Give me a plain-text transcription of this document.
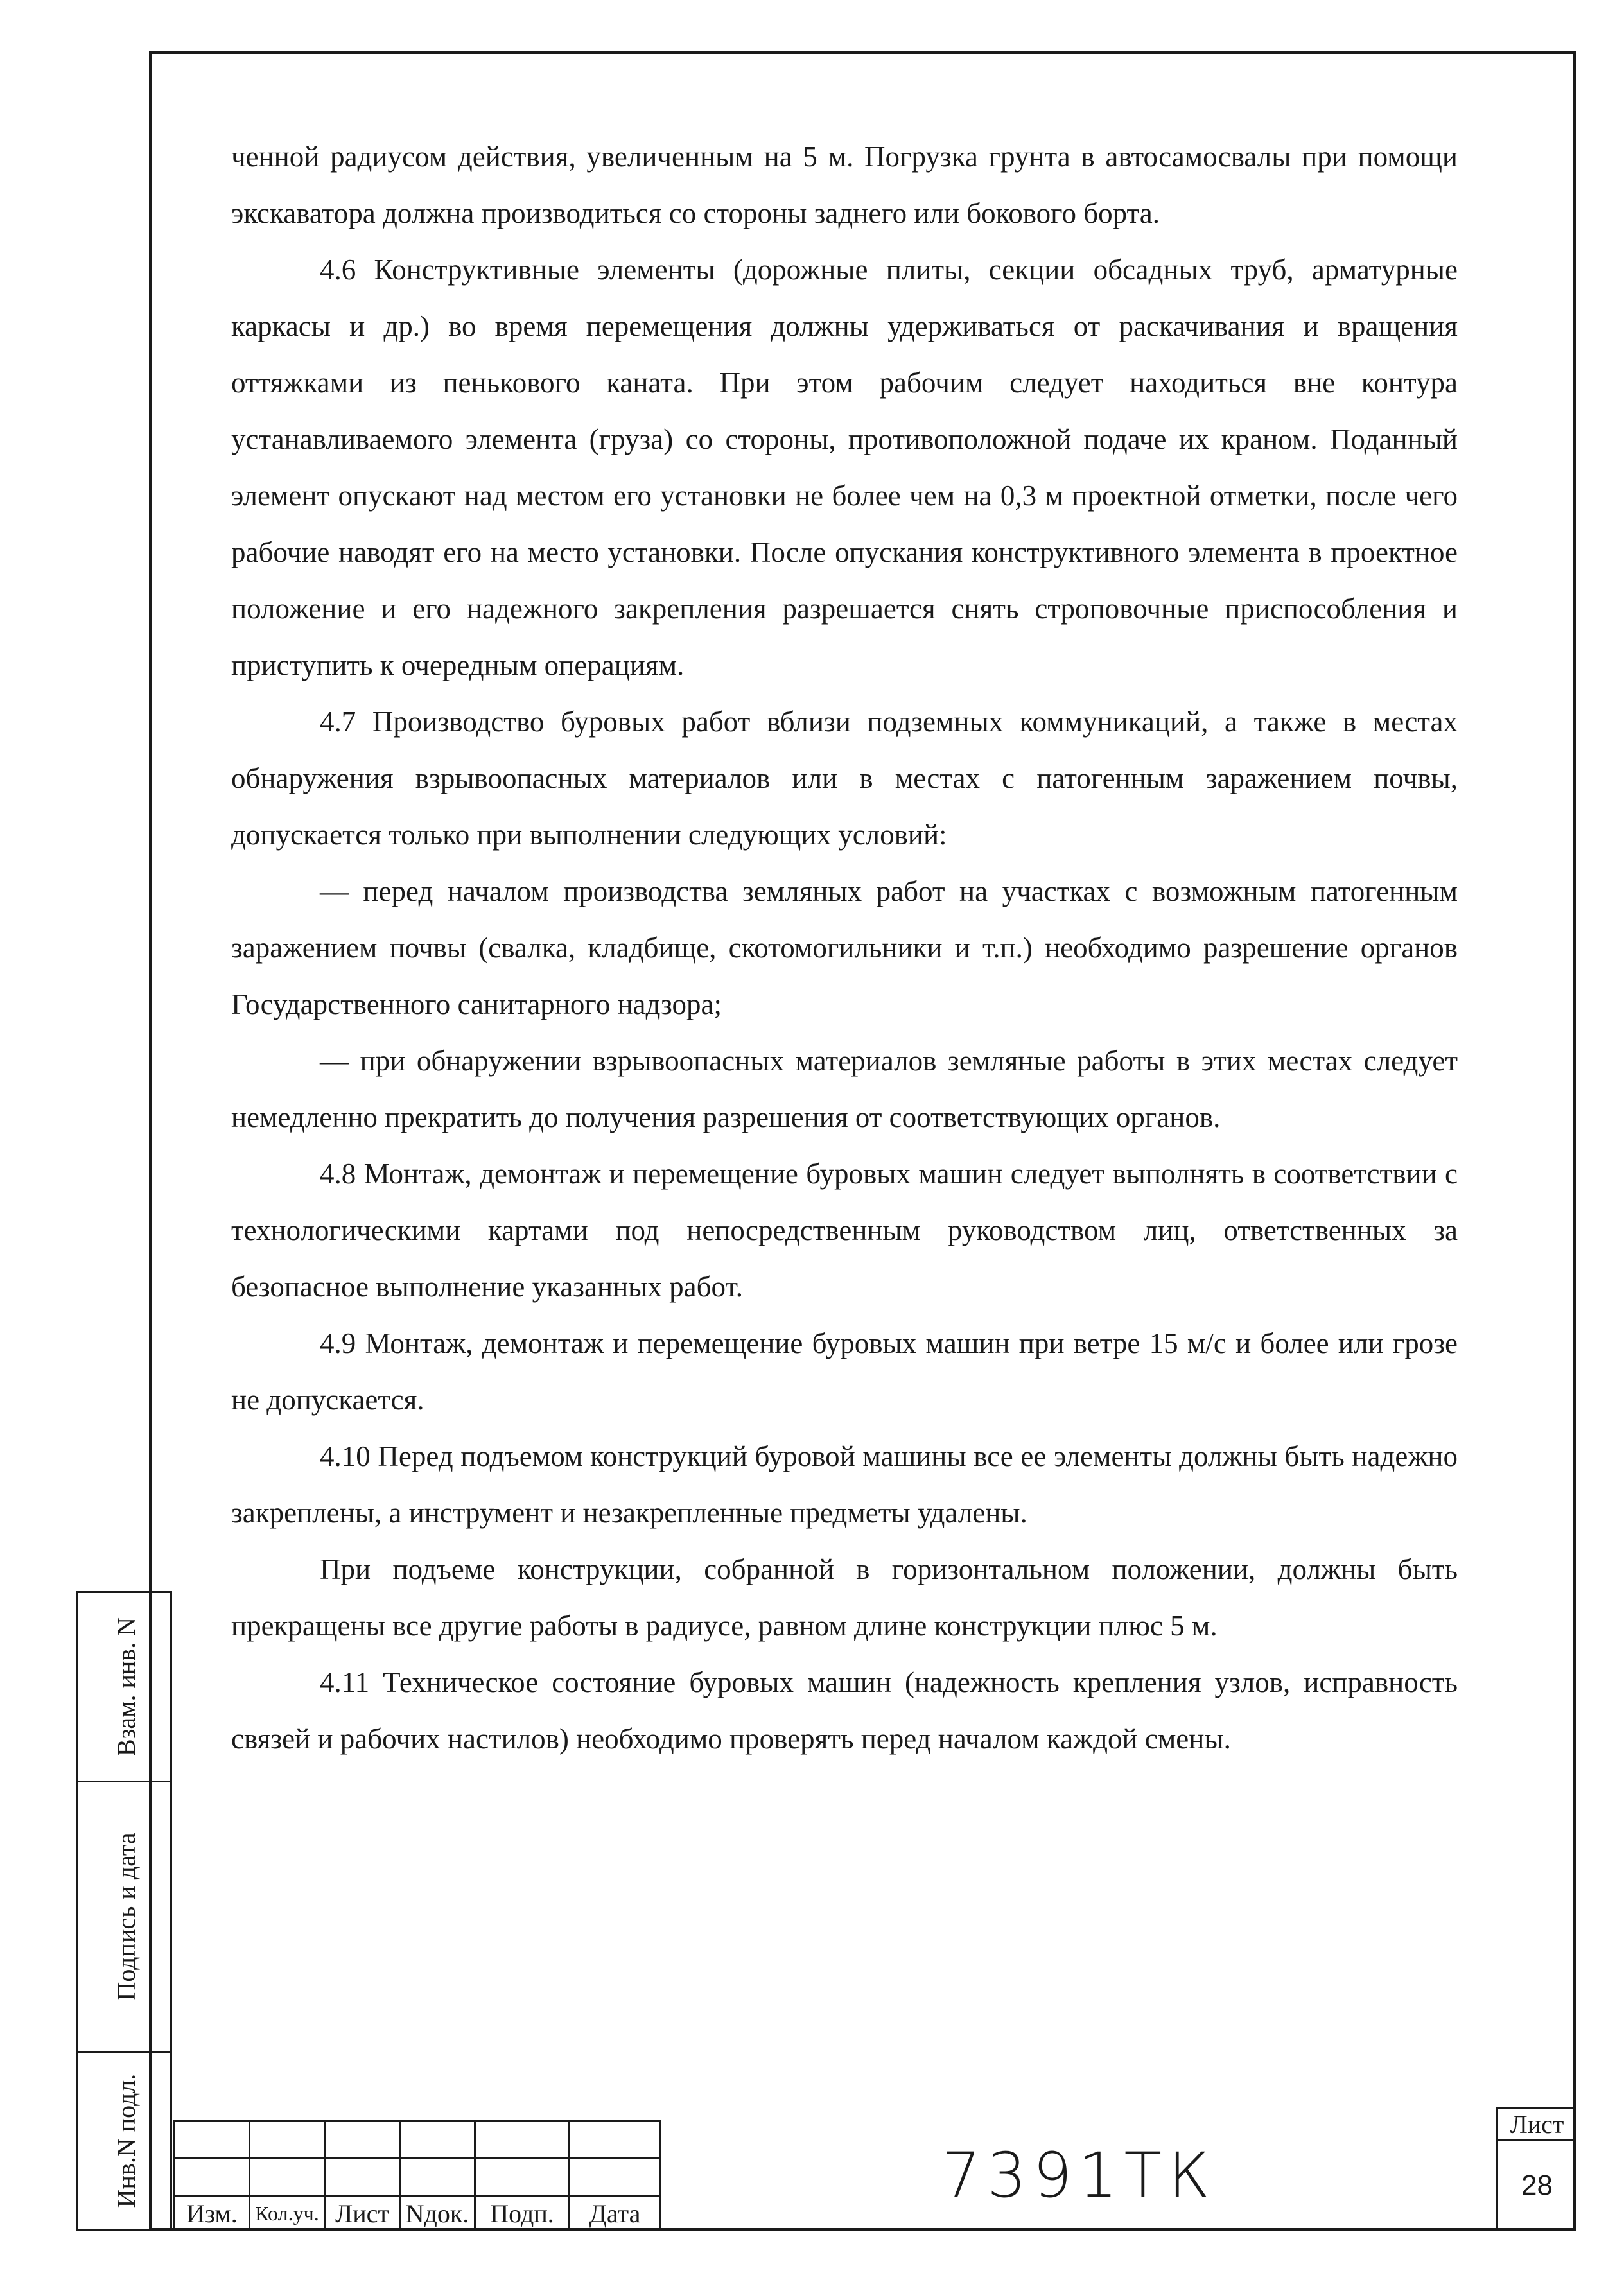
ченной радиусом действия, увеличенным на 5 м. Погрузка грунта в автосамосвалы при помощи экскаватора должна производиться со стороны заднего или бокового борта.

4.6 Конструктивные элементы (дорожные плиты, секции обсадных труб, арматурные каркасы и др.) во время перемещения должны удерживаться от раскачивания и вращения оттяжками из пенькового каната. При этом рабочим следует находиться вне контура устанавливаемого элемента (груза) со стороны, противоположной подаче их краном. Поданный элемент опускают над местом его установки не более чем на 0,3 м проектной отметки, после чего рабочие наводят его на место установки. После опускания конструктивного элемента в проектное положение и его надежного закрепления разрешается снять строповочные приспособления и приступить к очередным операциям.

4.7 Производство буровых работ вблизи подземных коммуникаций, а также в местах обнаружения взрывоопасных материалов или в местах с патогенным заражением почвы, допускается только при выполнении следующих условий:

— перед началом производства земляных работ на участках с возможным патогенным заражением почвы (свалка, кладбище, скотомогильники и т.п.) необходимо разрешение органов Государственного санитарного надзора;

— при обнаружении взрывоопасных материалов земляные работы в этих местах следует немедленно прекратить до получения разрешения от соответствующих органов.

4.8 Монтаж, демонтаж и перемещение буровых машин следует выполнять в соответствии с технологическими картами под непосредственным руководством лиц, ответственных за безопасное выполнение указанных работ.

4.9 Монтаж, демонтаж и перемещение буровых машин при ветре 15 м/с и более или грозе не допускается.

4.10 Перед подъемом конструкций буровой машины все ее элементы должны быть надежно закреплены, а инструмент и незакрепленные предметы удалены.

При подъеме конструкции, собранной в горизонтальном положении, должны быть прекращены все другие работы в радиусе, равном длине конструкции плюс 5 м.

4.11 Техническое состояние буровых машин (надежность крепления узлов, исправность связей и рабочих настилов) необходимо проверять перед началом каждой смены.

Взам. инв. N
Подпись и дата
Инв.N подл.
Изм. Кол.уч. Лист Nдок. Подп.	Дата
7391ТК
Лист
28
